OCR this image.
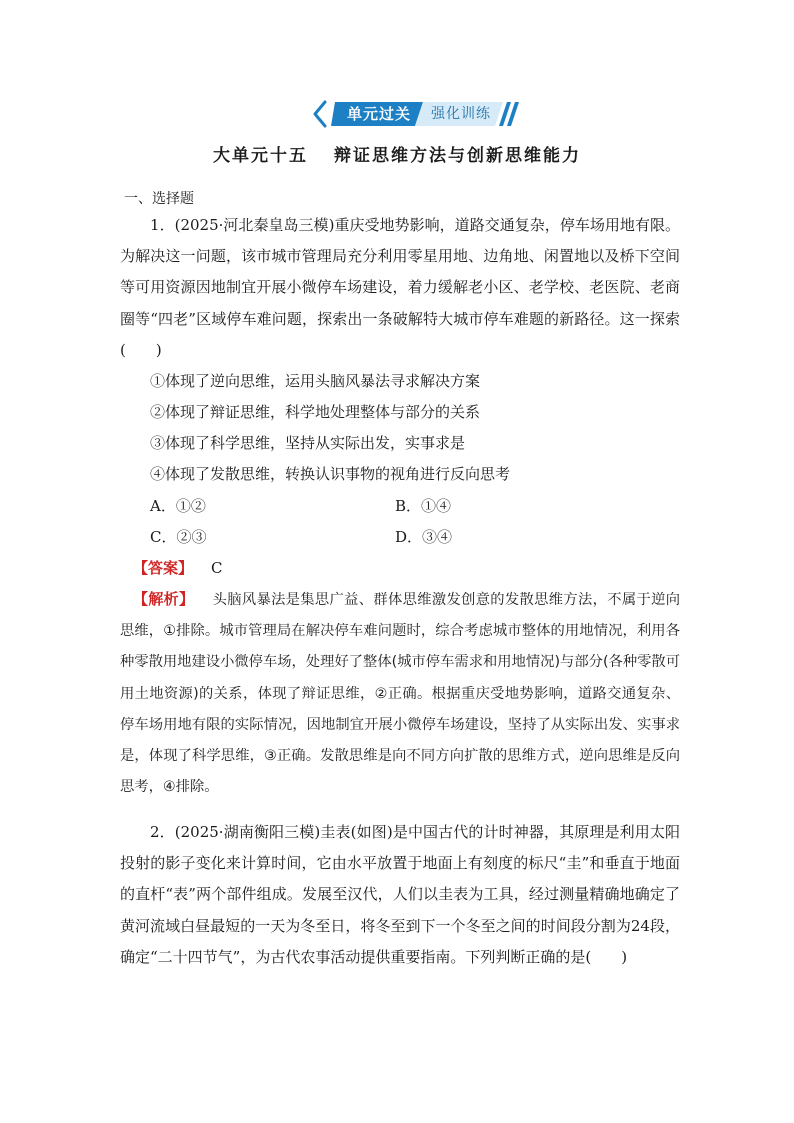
单元过关	强化训练
大单元十五 辩证思维方法与创新思维能力
一、选择题
1．(2025·河北秦皇岛三模)重庆受地势影响，道路交通复杂，停车场用地有限。为解决这一问题，该市城市管理局充分利用零星用地、边角地、闲置地以及桥下空间等可用资源因地制宜开展小微停车场建设，着力缓解老小区、老学校、老医院、老商圈等“四老”区域停车难问题，探索出一条破解特大城市停车难题的新路径。这一探索(　　)
①体现了逆向思维，运用头脑风暴法寻求解决方案
②体现了辩证思维，科学地处理整体与部分的关系
③体现了科学思维，坚持从实际出发，实事求是
④体现了发散思维，转换认识事物的视角进行反向思考
A．①②	B．①④
C．②③	D．③④
【答案】 C
【解析】 头脑风暴法是集思广益、群体思维激发创意的发散思维方法，不属于逆向思维，①排除。城市管理局在解决停车难问题时，综合考虑城市整体的用地情况，利用各种零散用地建设小微停车场，处理好了整体(城市停车需求和用地情况)与部分(各种零散可用土地资源)的关系，体现了辩证思维，②正确。根据重庆受地势影响，道路交通复杂、停车场用地有限的实际情况，因地制宜开展小微停车场建设，坚持了从实际出发、实事求是，体现了科学思维，③正确。发散思维是向不同方向扩散的思维方式，逆向思维是反向思考，④排除。
2．(2025·湖南衡阳三模)圭表(如图)是中国古代的计时神器，其原理是利用太阳投射的影子变化来计算时间，它由水平放置于地面上有刻度的标尺“圭”和垂直于地面的直杆“表”两个部件组成。发展至汉代，人们以圭表为工具，经过测量精确地确定了黄河流域白昼最短的一天为冬至日，将冬至到下一个冬至之间的时间段分割为24段，确定“二十四节气”，为古代农事活动提供重要指南。下列判断正确的是(　　)
